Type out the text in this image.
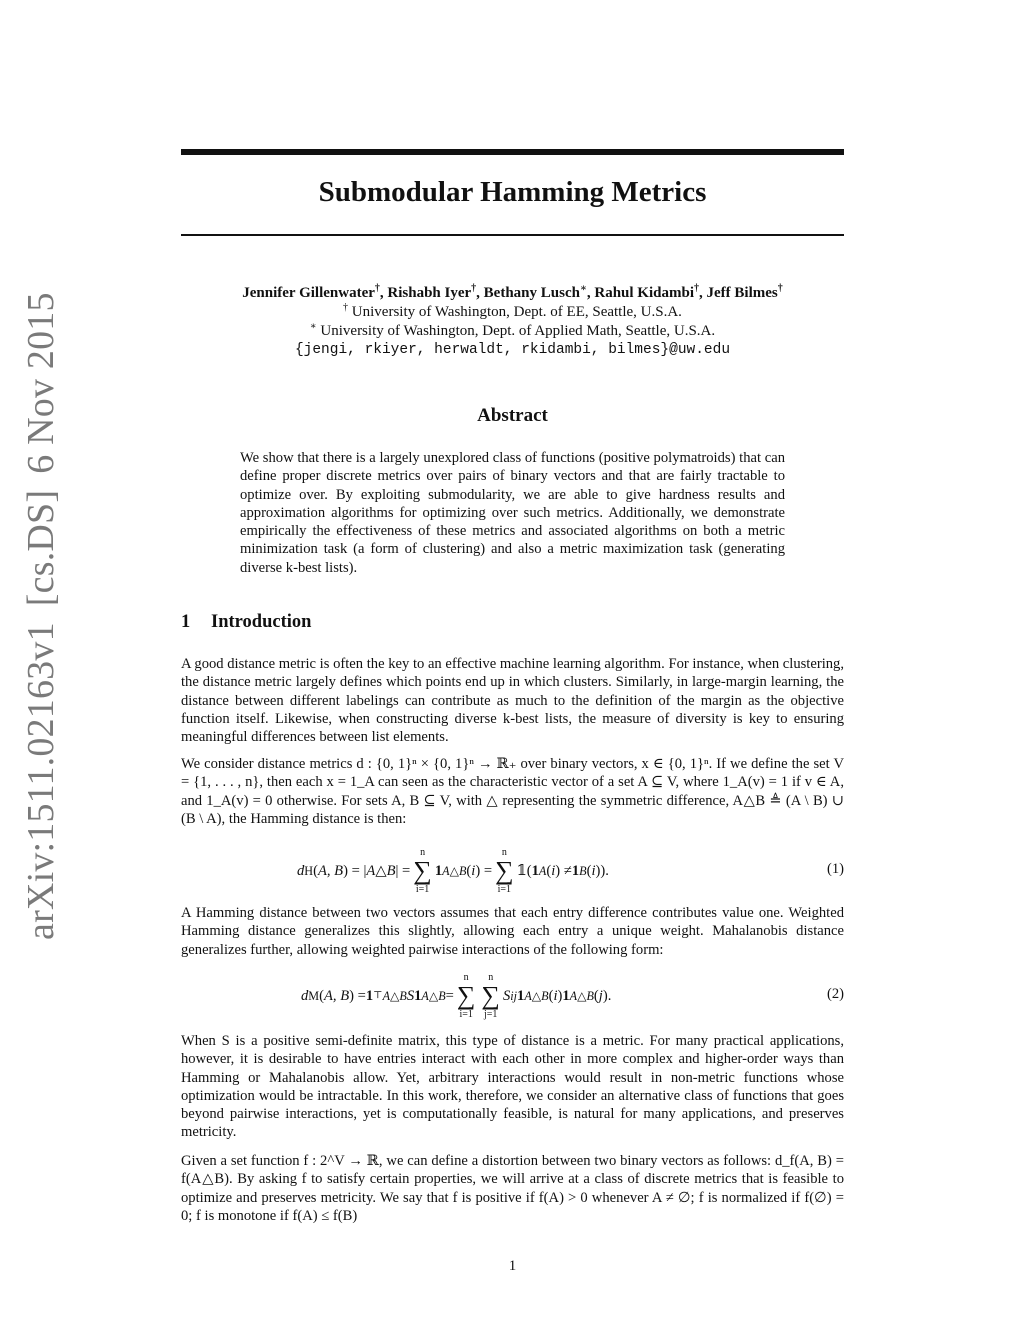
arXiv:1511.02163v1
[cs.DS]
6 Nov 2015
Submodular Hamming Metrics
Jennifer Gillenwater†, Rishabh Iyer†, Bethany Lusch∗, Rahul Kidambi†, Jeff Bilmes†
† University of Washington, Dept. of EE, Seattle, U.S.A.
∗ University of Washington, Dept. of Applied Math, Seattle, U.S.A.
{jengi, rkiyer, herwaldt, rkidambi, bilmes}@uw.edu
Abstract
We show that there is a largely unexplored class of functions (positive polymatroids) that can define proper discrete metrics over pairs of binary vectors and that are fairly tractable to optimize over. By exploiting submodularity, we are able to give hardness results and approximation algorithms for optimizing over such metrics. Additionally, we demonstrate empirically the effectiveness of these metrics and associated algorithms on both a metric minimization task (a form of clustering) and also a metric maximization task (generating diverse k-best lists).
1 Introduction
A good distance metric is often the key to an effective machine learning algorithm. For instance, when clustering, the distance metric largely defines which points end up in which clusters. Similarly, in large-margin learning, the distance between different labelings can contribute as much to the definition of the margin as the objective function itself. Likewise, when constructing diverse k-best lists, the measure of diversity is key to ensuring meaningful differences between list elements.
We consider distance metrics d : {0, 1}ⁿ × {0, 1}ⁿ → ℝ₊ over binary vectors, x ∈ {0, 1}ⁿ. If we define the set V = {1, . . . , n}, then each x = 1_A can seen as the characteristic vector of a set A ⊆ V, where 1_A(v) = 1 if v ∈ A, and 1_A(v) = 0 otherwise. For sets A, B ⊆ V, with △ representing the symmetric difference, A△B ≜ (A \ B) ∪ (B \ A), the Hamming distance is then:
d H ( A, B ) = | A △ B | =
n
∑
i=1
1 A△B ( i ) =
n
∑
i=1
𝟙( 1 A ( i ) ≠ 1 B ( i )).	(1)
A Hamming distance between two vectors assumes that each entry difference contributes value one. Weighted Hamming distance generalizes this slightly, allowing each entry a unique weight. Mahalanobis distance generalizes further, allowing weighted pairwise interactions of the following form:
d M ( A, B ) = 1 ⊤ A△B S 1 A△B =
n
∑
i=1
n
∑
j=1
S ij 1 A△B ( i ) 1 A△B ( j ).	(2)
When S is a positive semi-definite matrix, this type of distance is a metric. For many practical applications, however, it is desirable to have entries interact with each other in more complex and higher-order ways than Hamming or Mahalanobis allow. Yet, arbitrary interactions would result in non-metric functions whose optimization would be intractable. In this work, therefore, we consider an alternative class of functions that goes beyond pairwise interactions, yet is computationally feasible, is natural for many applications, and preserves metricity.
Given a set function f : 2^V → ℝ, we can define a distortion between two binary vectors as follows: d_f(A, B) = f(A△B). By asking f to satisfy certain properties, we will arrive at a class of discrete metrics that is feasible to optimize and preserves metricity. We say that f is positive if f(A) > 0 whenever A ≠ ∅; f is normalized if f(∅) = 0; f is monotone if f(A) ≤ f(B)
1
